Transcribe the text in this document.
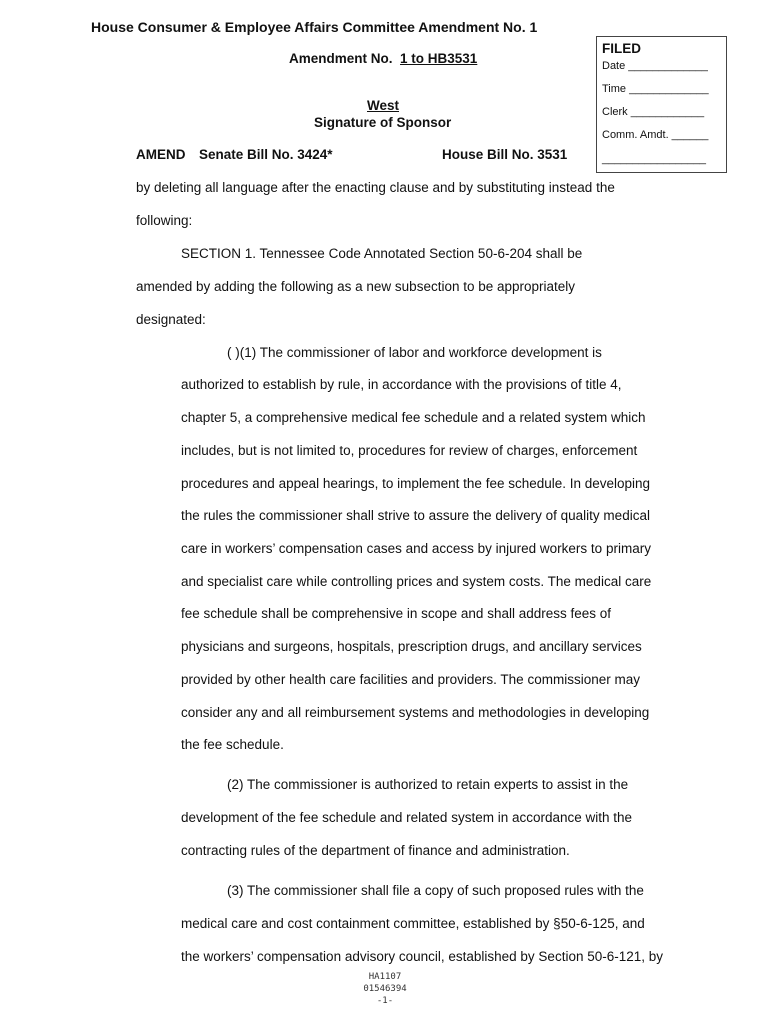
House Consumer & Employee Affairs Committee Amendment No. 1
Amendment No. 1 to HB3531
West
Signature of Sponsor
AMEND Senate Bill No. 3424*	House Bill No. 3531
FILED
Date _____________
Time _____________
Clerk ____________
Comm. Amdt. ______
_________________
by deleting all language after the enacting clause and by substituting instead the
following:
SECTION 1. Tennessee Code Annotated Section 50-6-204 shall be
amended by adding the following as a new subsection to be appropriately
designated:
( )(1) The commissioner of labor and workforce development is
authorized to establish by rule, in accordance with the provisions of title 4,
chapter 5, a comprehensive medical fee schedule and a related system which
includes, but is not limited to, procedures for review of charges, enforcement
procedures and appeal hearings, to implement the fee schedule. In developing
the rules the commissioner shall strive to assure the delivery of quality medical
care in workers’ compensation cases and access by injured workers to primary
and specialist care while controlling prices and system costs. The medical care
fee schedule shall be comprehensive in scope and shall address fees of
physicians and surgeons, hospitals, prescription drugs, and ancillary services
provided by other health care facilities and providers. The commissioner may
consider any and all reimbursement systems and methodologies in developing
the fee schedule.
(2) The commissioner is authorized to retain experts to assist in the
development of the fee schedule and related system in accordance with the
contracting rules of the department of finance and administration.
(3) The commissioner shall file a copy of such proposed rules with the
medical care and cost containment committee, established by §50-6-125, and
the workers’ compensation advisory council, established by Section 50-6-121, by
HA1107
01546394
-1-
